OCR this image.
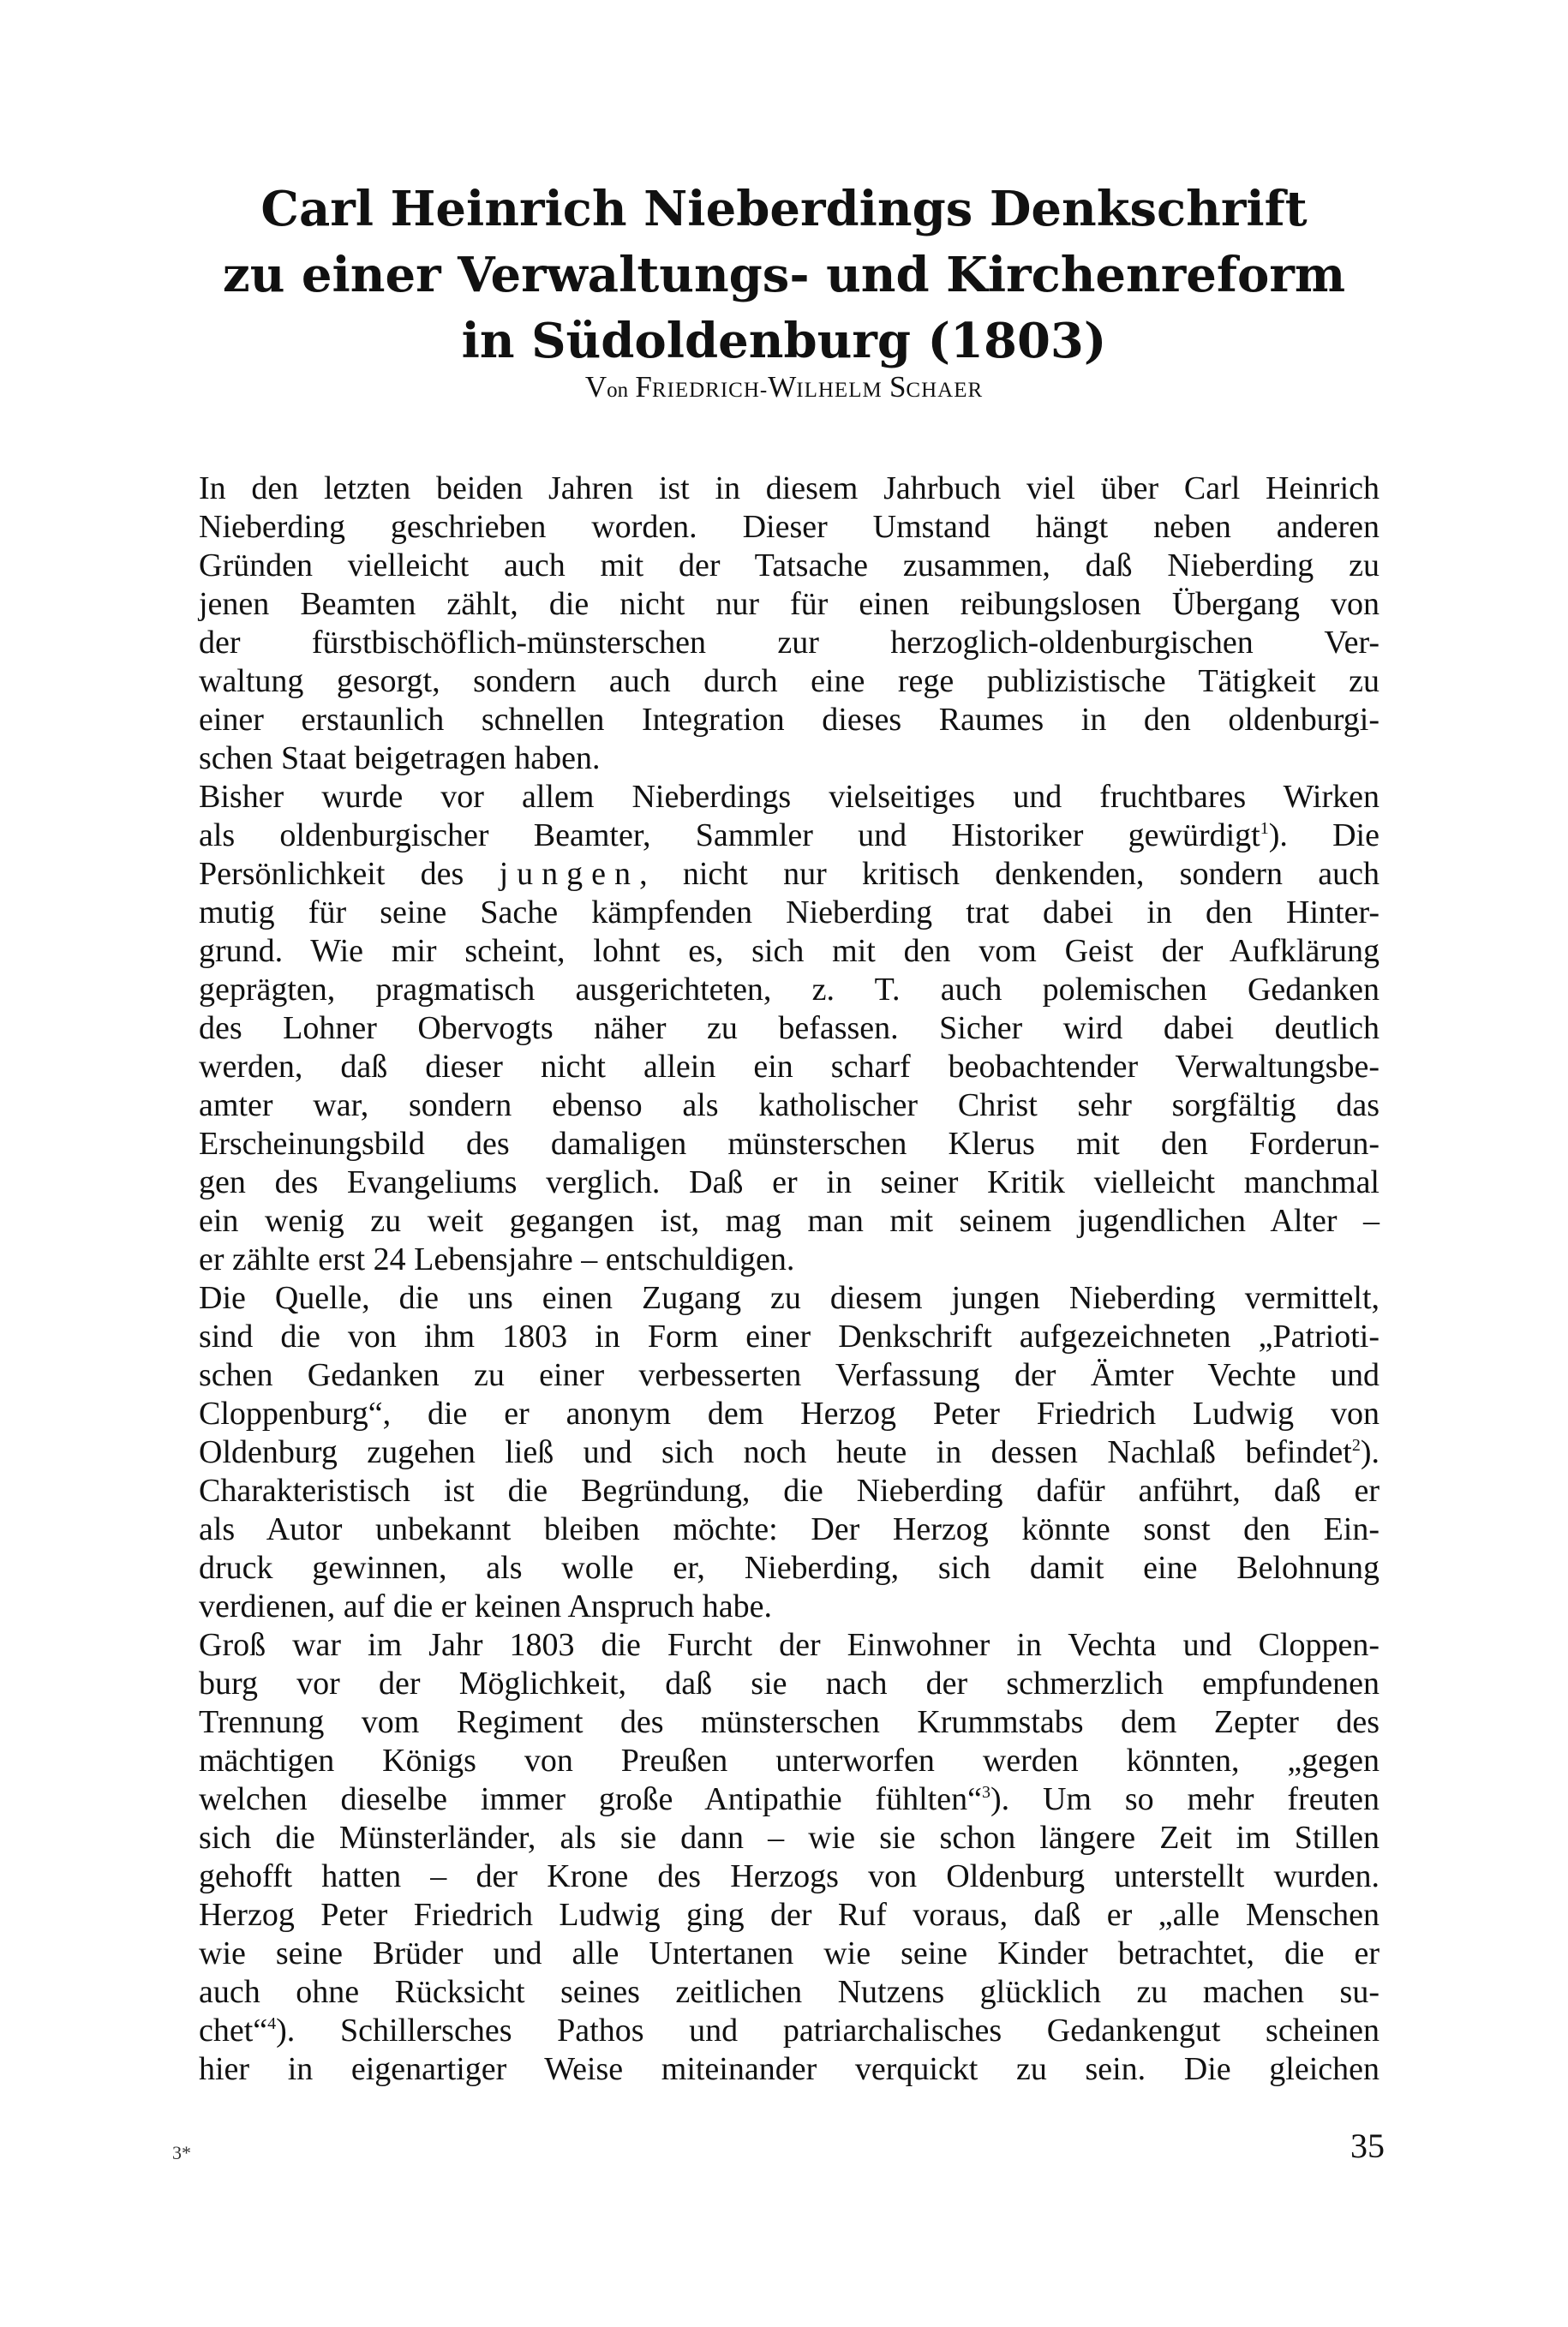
Carl Heinrich Nieberdings Denkschrift
zu einer Verwaltungs- und Kirchenreform
in Südoldenburg (1803)

Von FRIEDRICH-WILHELM SCHAER

In den letzten beiden Jahren ist in diesem Jahrbuch viel über Carl Heinrich
Nieberding geschrieben worden. Dieser Umstand hängt neben anderen
Gründen vielleicht auch mit der Tatsache zusammen, daß Nieberding zu
jenen Beamten zählt, die nicht nur für einen reibungslosen Übergang von
der fürstbischöflich-münsterschen zur herzoglich-oldenburgischen Ver-
waltung gesorgt, sondern auch durch eine rege publizistische Tätigkeit zu
einer erstaunlich schnellen Integration dieses Raumes in den oldenburgi-
schen Staat beigetragen haben.
Bisher wurde vor allem Nieberdings vielseitiges und fruchtbares Wirken
als oldenburgischer Beamter, Sammler und Historiker gewürdigt$^1$). Die
Persönlichkeit des jungen, nicht nur kritisch denkenden, sondern auch
mutig für seine Sache kämpfenden Nieberding trat dabei in den Hinter-
grund. Wie mir scheint, lohnt es, sich mit den vom Geist der Aufklärung
geprägten, pragmatisch ausgerichteten, z. T. auch polemischen Gedanken
des Lohner Obervogts näher zu befassen. Sicher wird dabei deutlich
werden, daß dieser nicht allein ein scharf beobachtender Verwaltungsbe-
amter war, sondern ebenso als katholischer Christ sehr sorgfältig das
Erscheinungsbild des damaligen münsterschen Klerus mit den Forderun-
gen des Evangeliums verglich. Daß er in seiner Kritik vielleicht manchmal
ein wenig zu weit gegangen ist, mag man mit seinem jugendlichen Alter –
er zählte erst 24 Lebensjahre – entschuldigen.
Die Quelle, die uns einen Zugang zu diesem jungen Nieberding vermittelt,
sind die von ihm 1803 in Form einer Denkschrift aufgezeichneten „Patrioti-
schen Gedanken zu einer verbesserten Verfassung der Ämter Vechte und
Cloppenburg“, die er anonym dem Herzog Peter Friedrich Ludwig von
Oldenburg zugehen ließ und sich noch heute in dessen Nachlaß befindet$^2$).
Charakteristisch ist die Begründung, die Nieberding dafür anführt, daß er
als Autor unbekannt bleiben möchte: Der Herzog könnte sonst den Ein-
druck gewinnen, als wolle er, Nieberding, sich damit eine Belohnung
verdienen, auf die er keinen Anspruch habe.
Groß war im Jahr 1803 die Furcht der Einwohner in Vechta und Cloppen-
burg vor der Möglichkeit, daß sie nach der schmerzlich empfundenen
Trennung vom Regiment des münsterschen Krummstabs dem Zepter des
mächtigen Königs von Preußen unterworfen werden könnten, „gegen
welchen dieselbe immer große Antipathie fühlten“$^3$). Um so mehr freuten
sich die Münsterländer, als sie dann – wie sie schon längere Zeit im Stillen
gehofft hatten – der Krone des Herzogs von Oldenburg unterstellt wurden.
Herzog Peter Friedrich Ludwig ging der Ruf voraus, daß er „alle Menschen
wie seine Brüder und alle Untertanen wie seine Kinder betrachtet, die er
auch ohne Rücksicht seines zeitlichen Nutzens glücklich zu machen su-
chet“$^4$). Schillersches Pathos und patriarchalisches Gedankengut scheinen
hier in eigenartiger Weise miteinander verquickt zu sein. Die gleichen
3*	35
